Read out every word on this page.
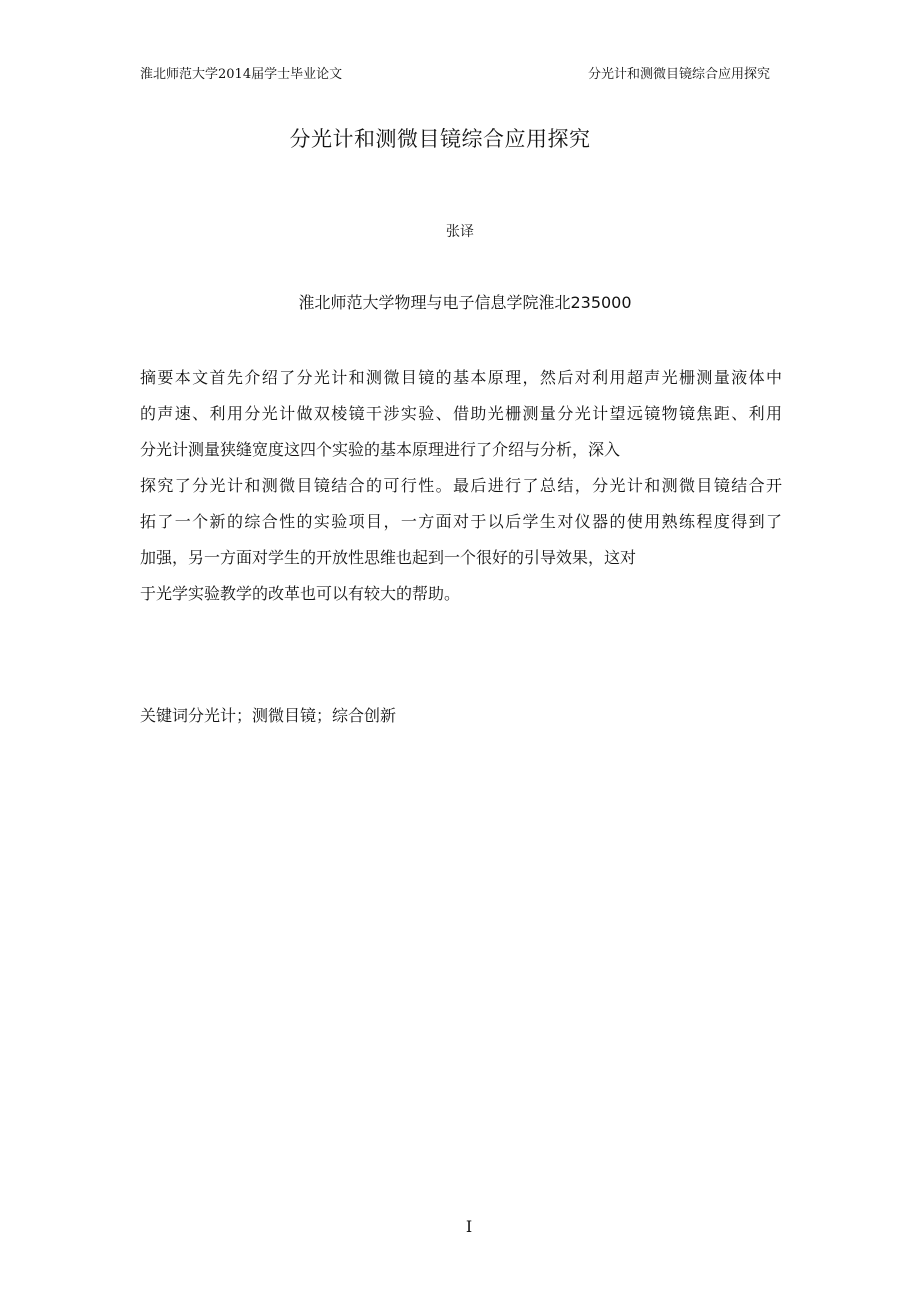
淮北师范大学2014届学士毕业论文	分光计和测微目镜综合应用探究
分光计和测微目镜综合应用探究
张译
淮北师范大学物理与电子信息学院淮北235000
摘要本文首先介绍了分光计和测微目镜的基本原理，然后对利用超声光栅测量液体中
的声速、利用分光计做双棱镜干涉实验、借助光栅测量分光计望远镜物镜焦距、利用
分光计测量狭缝宽度这四个实验的基本原理进行了介绍与分析，深入
探究了分光计和测微目镜结合的可行性。最后进行了总结，分光计和测微目镜结合开
拓了一个新的综合性的实验项目，一方面对于以后学生对仪器的使用熟练程度得到了
加强，另一方面对学生的开放性思维也起到一个很好的引导效果，这对
于光学实验教学的改革也可以有较大的帮助。
关键词分光计；测微目镜；综合创新
I
